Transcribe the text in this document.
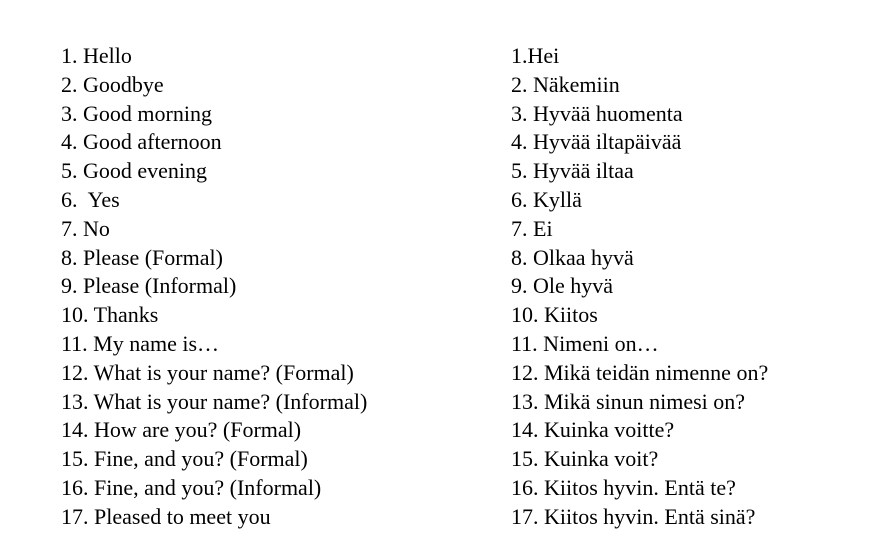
1. Hello
2. Goodbye
3. Good morning
4. Good afternoon
5. Good evening
6.  Yes
7. No
8. Please (Formal)
9. Please (Informal)
10. Thanks
11. My name is…
12. What is your name? (Formal)
13. What is your name? (Informal)
14. How are you? (Formal)
15. Fine, and you? (Formal)
16. Fine, and you? (Informal)
17. Pleased to meet you
1.Hei
2. Näkemiin
3. Hyvää huomenta
4. Hyvää iltapäivää
5. Hyvää iltaa
6. Kyllä
7. Ei
8. Olkaa hyvä
9. Ole hyvä
10. Kiitos
11. Nimeni on…
12. Mikä teidän nimenne on?
13. Mikä sinun nimesi on?
14. Kuinka voitte?
15. Kuinka voit?
16. Kiitos hyvin. Entä te?
17. Kiitos hyvin. Entä sinä?
